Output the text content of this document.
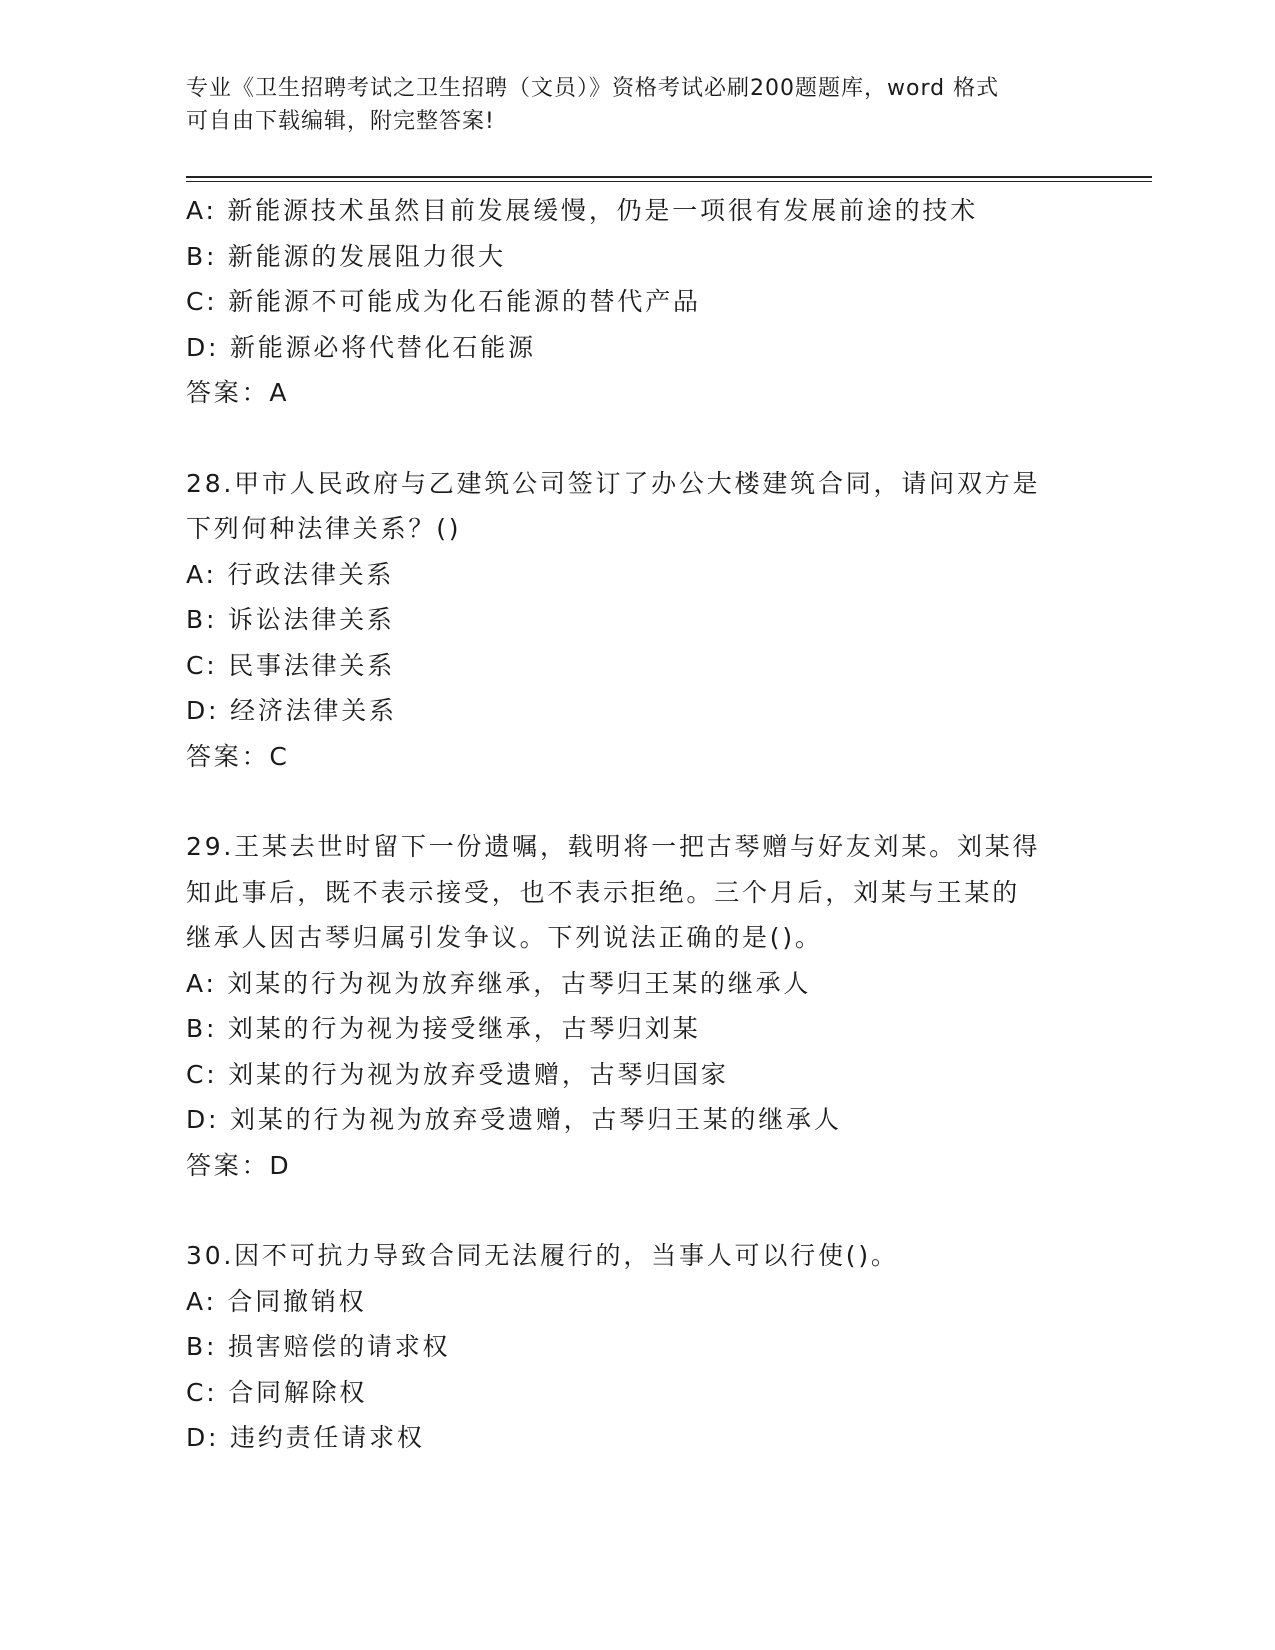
专业《卫生招聘考试之卫生招聘（文员）》资格考试必刷200题题库，word 格式
可自由下载编辑，附完整答案!
A: 新能源技术虽然目前发展缓慢，仍是一项很有发展前途的技术
B: 新能源的发展阻力很大
C: 新能源不可能成为化石能源的替代产品
D: 新能源必将代替化石能源
答案：A
28.甲市人民政府与乙建筑公司签订了办公大楼建筑合同，请问双方是
下列何种法律关系？()
A: 行政法律关系
B: 诉讼法律关系
C: 民事法律关系
D: 经济法律关系
答案：C
29.王某去世时留下一份遗嘱，载明将一把古琴赠与好友刘某。刘某得
知此事后，既不表示接受，也不表示拒绝。三个月后，刘某与王某的
继承人因古琴归属引发争议。下列说法正确的是()。
A: 刘某的行为视为放弃继承，古琴归王某的继承人
B: 刘某的行为视为接受继承，古琴归刘某
C: 刘某的行为视为放弃受遗赠，古琴归国家
D: 刘某的行为视为放弃受遗赠，古琴归王某的继承人
答案：D
30.因不可抗力导致合同无法履行的，当事人可以行使()。
A: 合同撤销权
B: 损害赔偿的请求权
C: 合同解除权
D: 违约责任请求权
